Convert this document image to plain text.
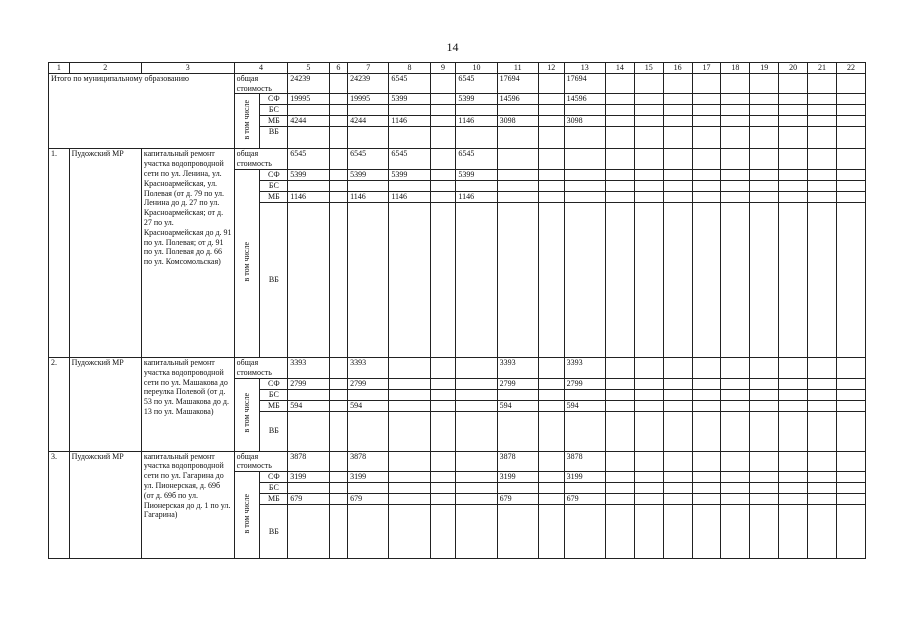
14
1	2	3	4		5	6	7	8	9	10	11	12	13	14	15	16	17	18	19	20	21	22
Итого по муниципальному образованию			общая стоимость		24239		24239	6545		6545	17694		17694									
			в том числе	СФ	19995		19995	5399		5399	14596		14596									
				БС																		
				МБ	4244		4244	1146		1146	3098		3098									
				ВБ																		
1.	Пудожский МР	капитальный ремонт участка водопроводной сети по ул. Ленина, ул. Красноармейская, ул. Полевая (от д. 79 по ул. Ленина до д. 27 по ул. Красноармейская; от д. 27 по ул. Красноармейская до д. 91 по ул. Полевая; от д. 91 по ул. Полевая до д. 66 по ул. Комсомольская)	общая стоимость		6545		6545	6545		6545												
			в том числе	СФ	5399		5399	5399		5399												
				БС																		
				МБ	1146		1146	1146		1146												
				ВБ																		
2.	Пудожский МР	капитальный ремонт участка водопроводной сети по ул. Машакова до переулка Полевой (от д. 53 по ул. Машакова до д. 13 по ул. Машакова)	общая стоимость		3393		3393				3393		3393									
			в том числе	СФ	2799		2799				2799		2799									
				БС																		
				МБ	594		594				594		594									
				ВБ																		
3.	Пудожский МР	капитальный ремонт участка водопроводной сети по ул. Гагарина до ул. Пионерская, д. 69б (от д. 69б по ул. Пионерская до д. 1 по ул. Гагарина)	общая стоимость		3878		3878				3878		3878									
			в том числе	СФ	3199		3199				3199		3199									
				БС																		
				МБ	679		679				679		679									
				ВБ																		
